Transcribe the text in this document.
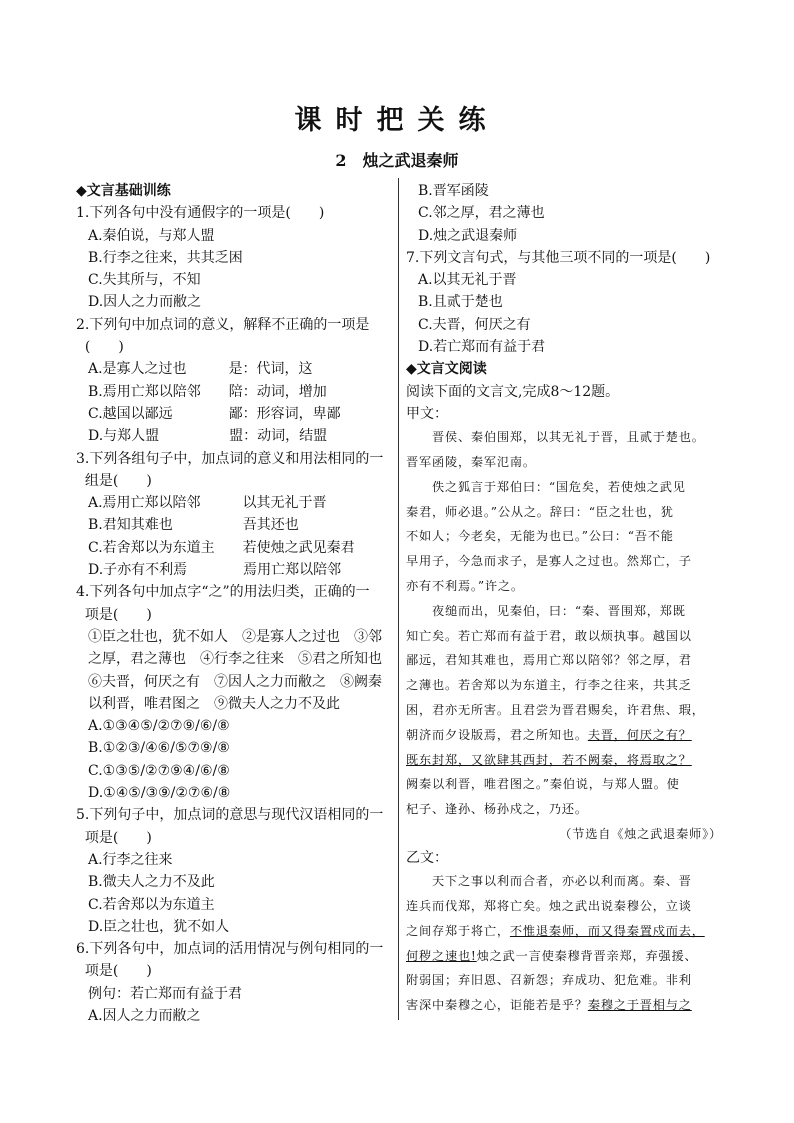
课时把关练
2　烛之武退秦师
◆文言基础训练
1.下列各句中没有通假字的一项是(　　)
A.秦伯说，与郑人盟
B.行李之往来，共其乏困
C.失其所与，不知
D.因人之力而敝之
2.下列句中加点词的意义，解释不正确的一项是
(　　)
A.是寡人之过也　　　是：代词，这
B.焉用亡郑以陪邻　　陪：动词，增加
C.越国以鄙远　　　　鄙：形容词，卑鄙
D.与郑人盟　　　　　盟：动词，结盟
3.下列各组句子中，加点词的意义和用法相同的一
组是(　　)
A.焉用亡郑以陪邻　　　以其无礼于晋
B.君知其难也　　　　　吾其还也
C.若舍郑以为东道主　　若使烛之武见秦君
D.子亦有不利焉　　　　焉用亡郑以陪邻
4.下列各句中加点字“之”的用法归类，正确的一
项是(　　)
①臣之壮也，犹不如人　②是寡人之过也　③邻
之厚，君之薄也　④行李之往来　⑤君之所知也
⑥夫晋，何厌之有　⑦因人之力而敝之　⑧阙秦
以利晋，唯君图之　⑨微夫人之力不及此
A.①③④⑤/②⑦⑨/⑥/⑧
B.①②③/④⑥/⑤⑦⑨/⑧
C.①③⑤/②⑦⑨④/⑥/⑧
D.①④⑤/③⑨/②⑦⑥/⑧
5.下列句子中，加点词的意思与现代汉语相同的一
项是(　　)
A.行李之往来
B.微夫人之力不及此
C.若舍郑以为东道主
D.臣之壮也，犹不如人
6.下列各句中，加点词的活用情况与例句相同的一
项是(　　)
例句：若亡郑而有益于君
A.因人之力而敝之
B.晋军函陵
C.邻之厚，君之薄也
D.烛之武退秦师
7.下列文言句式，与其他三项不同的一项是(　　)
A.以其无礼于晋
B.且贰于楚也
C.夫晋，何厌之有
D.若亡郑而有益于君
◆文言文阅读
阅读下面的文言文,完成8～12题。
甲文：
　　晋侯、秦伯围郑，以其无礼于晋，且贰于楚也。
晋军函陵，秦军氾南。
　　佚之狐言于郑伯曰：“国危矣，若使烛之武见
秦君，师必退。”公从之。辞曰：“臣之壮也，犹
不如人；今老矣，无能为也已。”公曰：“吾不能
早用子，今急而求子，是寡人之过也。然郑亡，子
亦有不利焉。”许之。
　　夜缒而出，见秦伯，曰：“秦、晋围郑，郑既
知亡矣。若亡郑而有益于君，敢以烦执事。越国以
鄙远，君知其难也，焉用亡郑以陪邻？邻之厚，君
之薄也。若舍郑以为东道主，行李之往来，共其乏
困，君亦无所害。且君尝为晋君赐矣，许君焦、瑕，
朝济而夕设版焉，君之所知也。夫晋，何厌之有？
既东封郑，又欲肆其西封，若不阙秦，将焉取之？
阙秦以利晋，唯君图之。”秦伯说，与郑人盟。使
杞子、逢孙、杨孙戍之，乃还。
（节选自《烛之武退秦师》）
乙文：
　　天下之事以利而合者，亦必以利而离。秦、晋
连兵而伐郑，郑将亡矣。烛之武出说秦穆公，立谈
之间存郑于将亡，不惟退秦师，而又得秦置戍而去，
何秽之速也!烛之武一言使秦穆背晋亲郑，弃强援、
附弱国；弃旧恩、召新怨；弃成功、犯危难。非利
害深中秦穆之心，讵能若是乎？秦穆之于晋相与之
